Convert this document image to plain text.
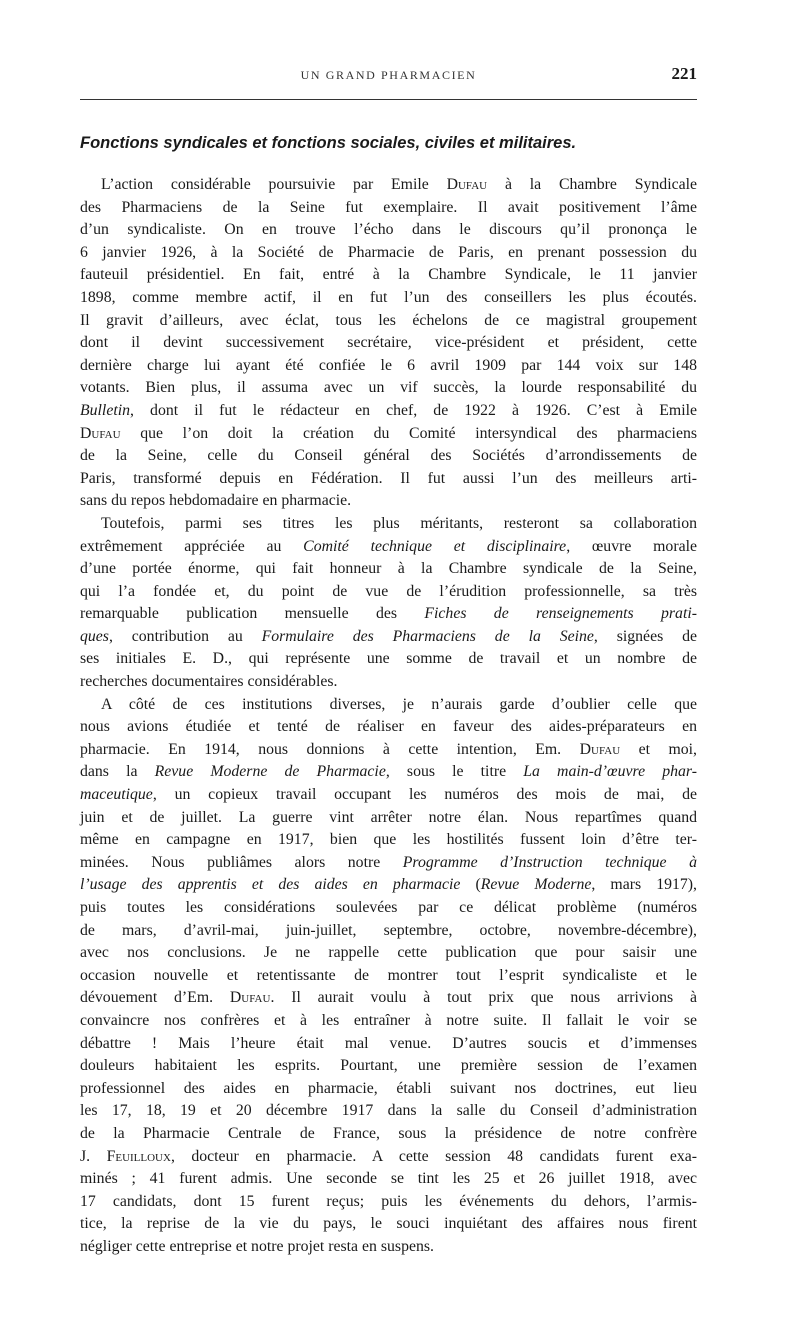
UN GRAND PHARMACIEN	221
Fonctions syndicales et fonctions sociales, civiles et militaires.
L’action considérable poursuivie par Emile Dufau à la Chambre Syndicale
des Pharmaciens de la Seine fut exemplaire. Il avait positivement l’âme
d’un syndicaliste. On en trouve l’écho dans le discours qu’il prononça le
6 janvier 1926, à la Société de Pharmacie de Paris, en prenant possession du
fauteuil présidentiel. En fait, entré à la Chambre Syndicale, le 11 janvier
1898, comme membre actif, il en fut l’un des conseillers les plus écoutés.
Il gravit d’ailleurs, avec éclat, tous les échelons de ce magistral groupement
dont il devint successivement secrétaire, vice-président et président, cette
dernière charge lui ayant été confiée le 6 avril 1909 par 144 voix sur 148
votants. Bien plus, il assuma avec un vif succès, la lourde responsabilité du
Bulletin, dont il fut le rédacteur en chef, de 1922 à 1926. C’est à Emile
Dufau que l’on doit la création du Comité intersyndical des pharmaciens
de la Seine, celle du Conseil général des Sociétés d’arrondissements de
Paris, transformé depuis en Fédération. Il fut aussi l’un des meilleurs arti-
sans du repos hebdomadaire en pharmacie.
Toutefois, parmi ses titres les plus méritants, resteront sa collaboration
extrêmement appréciée au Comité technique et disciplinaire, œuvre morale
d’une portée énorme, qui fait honneur à la Chambre syndicale de la Seine,
qui l’a fondée et, du point de vue de l’érudition professionnelle, sa très
remarquable publication mensuelle des Fiches de renseignements prati-
ques, contribution au Formulaire des Pharmaciens de la Seine, signées de
ses initiales E. D., qui représente une somme de travail et un nombre de
recherches documentaires considérables.
A côté de ces institutions diverses, je n’aurais garde d’oublier celle que
nous avions étudiée et tenté de réaliser en faveur des aides-préparateurs en
pharmacie. En 1914, nous donnions à cette intention, Em. Dufau et moi,
dans la Revue Moderne de Pharmacie, sous le titre La main-d’œuvre phar-
maceutique, un copieux travail occupant les numéros des mois de mai, de
juin et de juillet. La guerre vint arrêter notre élan. Nous repartîmes quand
même en campagne en 1917, bien que les hostilités fussent loin d’être ter-
minées. Nous publiâmes alors notre Programme d’Instruction technique à
l’usage des apprentis et des aides en pharmacie (Revue Moderne, mars 1917),
puis toutes les considérations soulevées par ce délicat problème (numéros
de mars, d’avril-mai, juin-juillet, septembre, octobre, novembre-décembre),
avec nos conclusions. Je ne rappelle cette publication que pour saisir une
occasion nouvelle et retentissante de montrer tout l’esprit syndicaliste et le
dévouement d’Em. Dufau. Il aurait voulu à tout prix que nous arrivions à
convaincre nos confrères et à les entraîner à notre suite. Il fallait le voir se
débattre ! Mais l’heure était mal venue. D’autres soucis et d’immenses
douleurs habitaient les esprits. Pourtant, une première session de l’examen
professionnel des aides en pharmacie, établi suivant nos doctrines, eut lieu
les 17, 18, 19 et 20 décembre 1917 dans la salle du Conseil d’administration
de la Pharmacie Centrale de France, sous la présidence de notre confrère
J. Feuilloux, docteur en pharmacie. A cette session 48 candidats furent exa-
minés ; 41 furent admis. Une seconde se tint les 25 et 26 juillet 1918, avec
17 candidats, dont 15 furent reçus; puis les événements du dehors, l’armis-
tice, la reprise de la vie du pays, le souci inquiétant des affaires nous firent
négliger cette entreprise et notre projet resta en suspens.
